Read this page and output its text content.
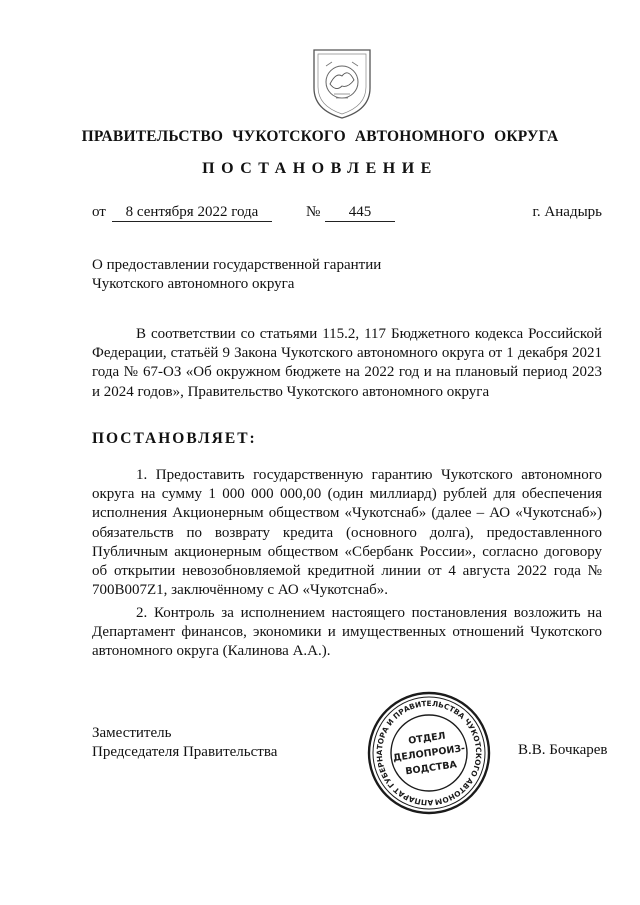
ПРАВИТЕЛЬСТВО ЧУКОТСКОГО АВТОНОМНОГО ОКРУГА
ПОСТАНОВЛЕНИЕ
от	8 сентября 2022 года	№	445	г. Анадырь
О предоставлении государственной гарантии
Чукотского автономного округа
В соответствии со статьями 115.2, 117 Бюджетного кодекса Российской Федерации, статьёй 9 Закона Чукотского автономного округа от 1 декабря 2021 года № 67-ОЗ «Об окружном бюджете на 2022 год и на плановый период 2023 и 2024 годов», Правительство Чукотского автономного округа
ПОСТАНОВЛЯЕТ:
1. Предоставить государственную гарантию Чукотского автономного округа на сумму 1 000 000 000,00 (один миллиард) рублей для обеспечения исполнения Акционерным обществом «Чукотснаб» (далее – АО «Чукотснаб») обязательств по возврату кредита (основного долга), предоставленного Публичным акционерным обществом «Сбербанк России», согласно договору об открытии невозобновляемой кредитной линии от 4 августа 2022 года № 700B007Z1, заключённому с АО «Чукотснаб».
2. Контроль за исполнением настоящего постановления возложить на Департамент финансов, экономики и имущественных отношений Чукотского автономного округа (Калинова А.А.).
Заместитель
Председателя Правительства
АППАРАТ ГУБЕРНАТОРА И ПРАВИТЕЛЬСТВА ЧУКОТСКОГО АВТОНОМНОГО
ОТДЕЛ
ДЕЛОПРОИЗ-
ВОДСТВА
В.В. Бочкарев
